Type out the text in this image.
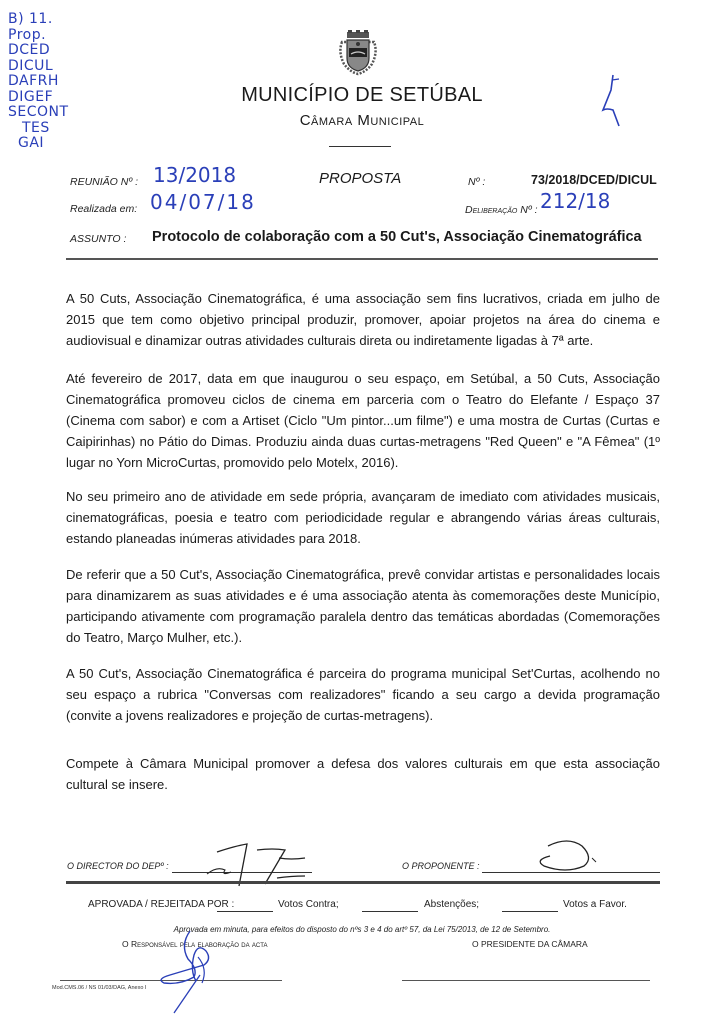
B) 11.
Prop.
DCED
DICUL
DAFRH
DIGEF
SECONT
TES
GAI
MUNICÍPIO DE SETÚBAL
Câmara Municipal
REUNIÃO Nº : 13/2018
Realizada em: 04/07/18
PROPOSTA	Nº :	73/2018/DCED/DICUL
Deliberação Nº : 212/18
ASSUNTO : Protocolo de colaboração com a 50 Cut's, Associação Cinematográfica

A 50 Cuts, Associação Cinematográfica, é uma associação sem fins lucrativos, criada em julho de 2015 que tem como objetivo principal produzir, promover, apoiar projetos na área do cinema e audiovisual e dinamizar outras atividades culturais direta ou indiretamente ligadas à 7ª arte.

Até fevereiro de 2017, data em que inaugurou o seu espaço, em Setúbal, a 50 Cuts, Associação Cinematográfica promoveu ciclos de cinema em parceria com o Teatro do Elefante / Espaço 37 (Cinema com sabor) e com a Artiset (Ciclo "Um pintor...um filme") e uma mostra de Curtas (Curtas e Caipirinhas) no Pátio do Dimas. Produziu ainda duas curtas-metragens "Red Queen" e "A Fêmea" (1º lugar no Yorn MicroCurtas, promovido pelo Motelx, 2016).

No seu primeiro ano de atividade em sede própria, avançaram de imediato com atividades musicais, cinematográficas, poesia e teatro com periodicidade regular e abrangendo várias áreas culturais, estando planeadas inúmeras atividades para 2018.

De referir que a 50 Cut's, Associação Cinematográfica, prevê convidar artistas e personalidades locais para dinamizarem as suas atividades e é uma associação atenta às comemorações deste Município, participando ativamente com programação paralela dentro das temáticas abordadas (Comemorações do Teatro, Março Mulher, etc.).

A 50 Cut's, Associação Cinematográfica é parceira do programa municipal Set'Curtas, acolhendo no seu espaço a rubrica "Conversas com realizadores" ficando a seu cargo a devida programação (convite a jovens realizadores e projeção de curtas-metragens).

Compete à Câmara Municipal promover a defesa dos valores culturais em que esta associação cultural se insere.

O DIRECTOR DO DEPº :	O PROPONENTE :
APROVADA / REJEITADA POR :	Votos Contra;	Abstenções;	Votos a Favor.
Aprovada em minuta, para efeitos do disposto do nºs 3 e 4 do artº 57, da Lei 75/2013, de 12 de Setembro.
O Responsável pela elaboração da acta	O PRESIDENTE DA CÂMARA
Mod.CMS.06 / NS 01/03/DAG, Anexo I
